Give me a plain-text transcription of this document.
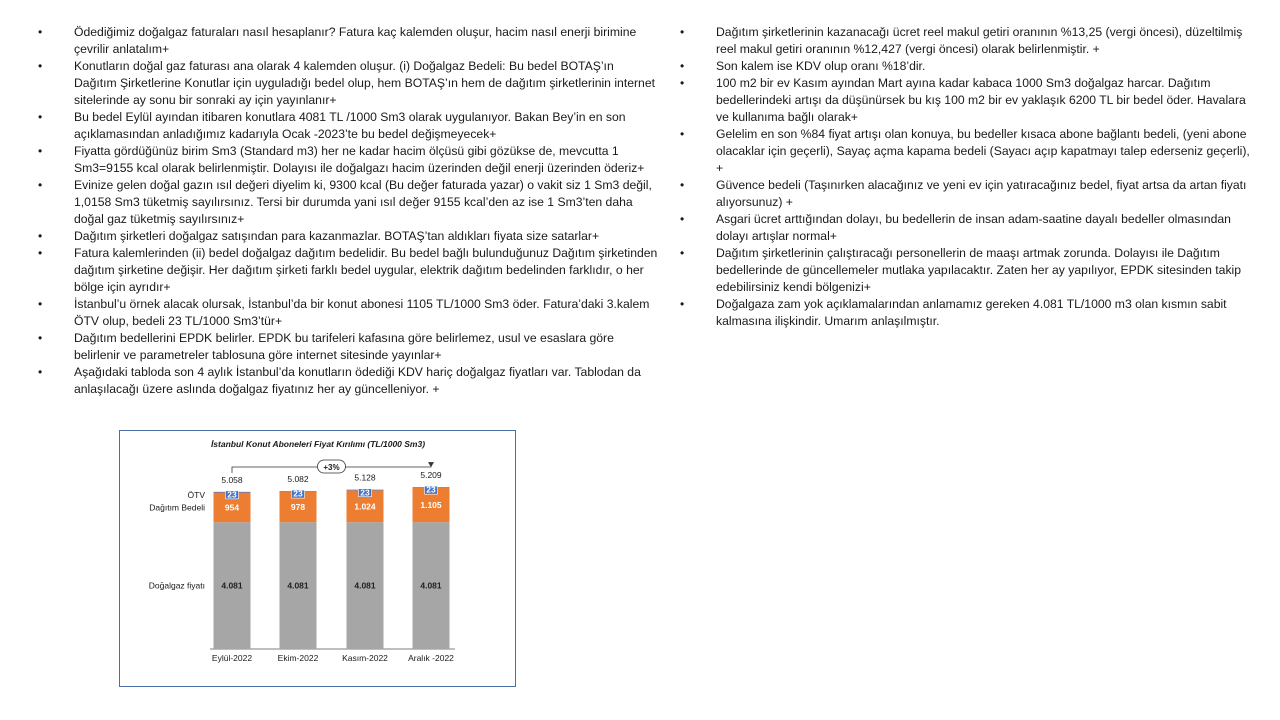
• Ödediğimiz doğalgaz faturaları nasıl hesaplanır? Fatura kaç kalemden oluşur, hacim nasıl enerji birimine çevrilir anlatalım+
• Konutların doğal gaz faturası ana olarak 4 kalemden oluşur. (i) Doğalgaz Bedeli: Bu bedel BOTAŞ’ın Dağıtım Şirketlerine Konutlar için uyguladığı bedel olup, hem BOTAŞ’ın hem de dağıtım şirketlerinin internet sitelerinde ay sonu bir sonraki ay için yayınlanır+
• Bu bedel Eylül ayından itibaren konutlara 4081 TL /1000 Sm3 olarak uygulanıyor. Bakan Bey’in en son açıklamasından anladığımız kadarıyla Ocak -2023’te bu bedel değişmeyecek+
• Fiyatta gördüğünüz birim Sm3 (Standard m3) her ne kadar hacim ölçüsü gibi gözükse de, mevcutta 1 Sm3=9155 kcal olarak belirlenmiştir. Dolayısı ile doğalgazı hacim üzerinden değil enerji üzerinden öderiz+
• Evinize gelen doğal gazın ısıl değeri diyelim ki, 9300 kcal (Bu değer faturada yazar) o vakit siz 1 Sm3 değil, 1,0158 Sm3 tüketmiş sayılırsınız. Tersi bir durumda yani ısıl değer 9155 kcal’den az ise 1 Sm3’ten daha doğal gaz tüketmiş sayılırsınız+
• Dağıtım şirketleri doğalgaz satışından para kazanmazlar. BOTAŞ’tan aldıkları fiyata size satarlar+
• Fatura kalemlerinden (ii) bedel doğalgaz dağıtım bedelidir. Bu bedel bağlı bulunduğunuz Dağıtım şirketinden dağıtım şirketine değişir. Her dağıtım şirketi farklı bedel uygular, elektrik dağıtım bedelinden farklıdır, o her bölge için ayrıdır+
• İstanbul’u örnek alacak olursak, İstanbul’da bir konut abonesi 1105 TL/1000 Sm3 öder. Fatura’daki 3.kalem ÖTV olup, bedeli 23 TL/1000 Sm3’tür+
• Dağıtım bedellerini EPDK belirler. EPDK bu tarifeleri kafasına göre belirlemez, usul ve esaslara göre belirlenir ve parametreler tablosuna göre internet sitesinde yayınlar+
• Aşağıdaki tabloda son 4 aylık İstanbul’da konutların ödediği KDV hariç doğalgaz fiyatları var. Tablodan da anlaşılacağı üzere aslında doğalgaz fiyatınız her ay güncelleniyor. +
• Dağıtım şirketlerinin kazanacağı ücret reel makul getiri oranının %13,25 (vergi öncesi), düzeltilmiş reel makul getiri oranının %12,427 (vergi öncesi) olarak belirlenmiştir. +
• Son kalem ise KDV olup oranı %18’dir.
• 100 m2 bir ev Kasım ayından Mart ayına kadar kabaca 1000 Sm3 doğalgaz harcar. Dağıtım bedellerindeki artışı da düşünürsek bu kış 100 m2 bir ev yaklaşık 6200 TL bir bedel öder. Havalara ve kullanıma bağlı olarak+
• Gelelim en son %84 fiyat artışı olan konuya, bu bedeller kısaca abone bağlantı bedeli, (yeni abone olacaklar için geçerli), Sayaç açma kapama bedeli (Sayacı açıp kapatmayı talep ederseniz geçerli), +
• Güvence bedeli (Taşınırken alacağınız ve yeni ev için yatıracağınız bedel, fiyat artsa da artan fiyatı alıyorsunuz) +
• Asgari ücret arttığından dolayı, bu bedellerin de insan adam-saatine dayalı bedeller olmasından dolayı artışlar normal+
• Dağıtım şirketlerinin çalıştıracağı personellerin de maaşı artmak zorunda. Dolayısı ile Dağıtım bedellerinde de güncellemeler mutlaka yapılacaktır. Zaten her ay yapılıyor, EPDK sitesinden takip edebilirsiniz kendi bölgenizi+
• Doğalgaza zam yok açıklamalarından anlamamız gereken 4.081 TL/1000 m3 olan kısmın sabit kalmasına ilişkindir. Umarım anlaşılmıştır.
İstanbul Konut Aboneleri Fiyat Kırılımı (TL/1000 Sm3)
4.081
954
23
5.058
Eylül-2022
4.081
978
23
5.082
Ekim-2022
4.081
1.024
23
5.128
Kasım-2022
4.081
1.105
23
5.209
Aralık -2022
Doğalgaz fiyatı
Dağıtım Bedeli
ÖTV
+3%
